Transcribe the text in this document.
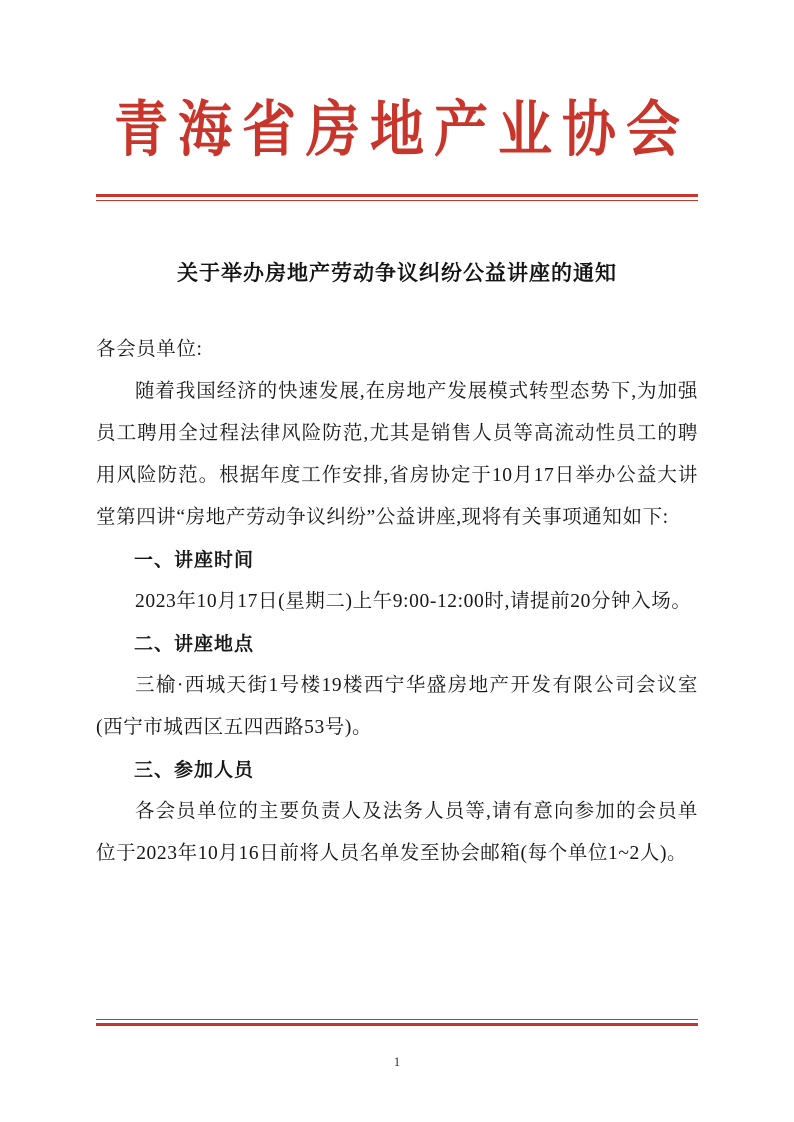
青海省房地产业协会
关于举办房地产劳动争议纠纷公益讲座的通知

各会员单位:

随着我国经济的快速发展,在房地产发展模式转型态势下,为加强员工聘用全过程法律风险防范,尤其是销售人员等高流动性员工的聘用风险防范。根据年度工作安排,省房协定于10月17日举办公益大讲堂第四讲“房地产劳动争议纠纷”公益讲座,现将有关事项通知如下:

一、讲座时间

2023年10月17日(星期二)上午9:00-12:00时,请提前20分钟入场。

二、讲座地点

三榆·西城天街1号楼19楼西宁华盛房地产开发有限公司会议室(西宁市城西区五四西路53号)。

三、参加人员

各会员单位的主要负责人及法务人员等,请有意向参加的会员单位于2023年10月16日前将人员名单发至协会邮箱(每个单位1~2人)。

1
